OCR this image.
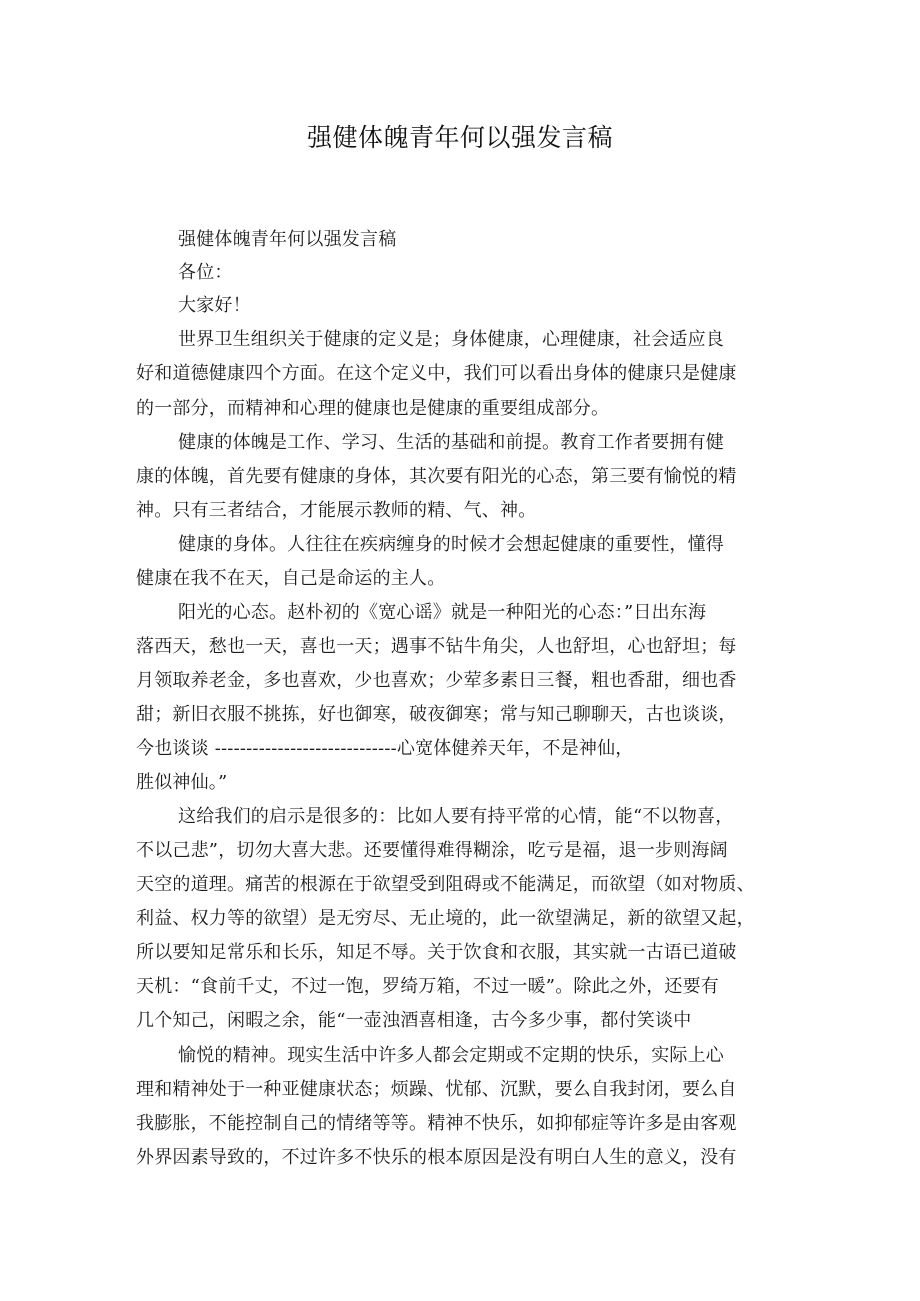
强健体魄青年何以强发言稿
强健体魄青年何以强发言稿
各位：
大家好！
世界卫生组织关于健康的定义是；身体健康，心理健康，社会适应良
好和道德健康四个方面。在这个定义中，我们可以看出身体的健康只是健康
的一部分，而精神和心理的健康也是健康的重要组成部分。
健康的体魄是工作、学习、生活的基础和前提。教育工作者要拥有健
康的体魄，首先要有健康的身体，其次要有阳光的心态，第三要有愉悦的精
神。只有三者结合，才能展示教师的精、气、神。
健康的身体。人往往在疾病缠身的时候才会想起健康的重要性，懂得
健康在我不在天，自己是命运的主人。
阳光的心态。赵朴初的《宽心谣》就是一种阳光的心态：”日出东海
落西天，愁也一天，喜也一天；遇事不钻牛角尖，人也舒坦，心也舒坦；每
月领取养老金，多也喜欢，少也喜欢；少荤多素日三餐，粗也香甜，细也香
甜；新旧衣服不挑拣，好也御寒，破夜御寒；常与知己聊聊天，古也谈谈，
今也谈谈 -----------------------------心宽体健养天年，不是神仙，
胜似神仙。”
这给我们的启示是很多的：比如人要有持平常的心情，能“不以物喜，
不以己悲”，切勿大喜大悲。还要懂得难得糊涂，吃亏是福，退一步则海阔
天空的道理。痛苦的根源在于欲望受到阻碍或不能满足，而欲望（如对物质、
利益、权力等的欲望）是无穷尽、无止境的，此一欲望满足，新的欲望又起，
所以要知足常乐和长乐，知足不辱。关于饮食和衣服，其实就一古语已道破
天机：“食前千丈，不过一饱，罗绮万箱，不过一暖”。除此之外，还要有
几个知己，闲暇之余，能“一壶浊酒喜相逢，古今多少事，都付笑谈中
愉悦的精神。现实生活中许多人都会定期或不定期的快乐，实际上心
理和精神处于一种亚健康状态；烦躁、忧郁、沉默，要么自我封闭，要么自
我膨胀，不能控制自己的情绪等等。精神不快乐，如抑郁症等许多是由客观
外界因素导致的，不过许多不快乐的根本原因是没有明白人生的意义，没有
